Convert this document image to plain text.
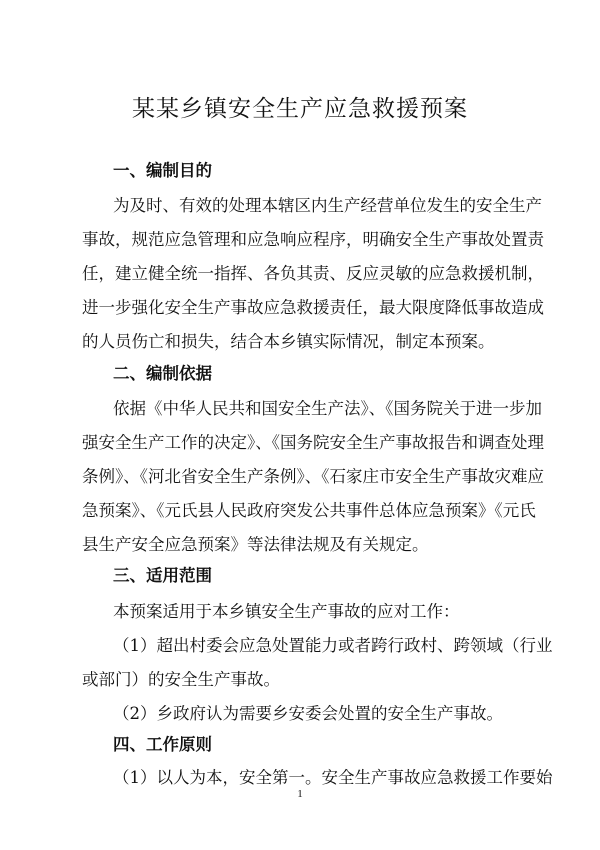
某某乡镇安全生产应急救援预案
一、编制目的
为及时、有效的处理本辖区内生产经营单位发生的安全生产
事故，规范应急管理和应急响应程序，明确安全生产事故处置责
任，建立健全统一指挥、各负其责、反应灵敏的应急救援机制，
进一步强化安全生产事故应急救援责任，最大限度降低事故造成
的人员伤亡和损失，结合本乡镇实际情况，制定本预案。
二、编制依据
依据《中华人民共和国安全生产法》、《国务院关于进一步加
强安全生产工作的决定》、《国务院安全生产事故报告和调查处理
条例》、《河北省安全生产条例》、《石家庄市安全生产事故灾难应
急预案》、《元氏县人民政府突发公共事件总体应急预案》《元氏
县生产安全应急预案》等法律法规及有关规定。
三、适用范围
本预案适用于本乡镇安全生产事故的应对工作：
（1）超出村委会应急处置能力或者跨行政村、跨领域（行业
或部门）的安全生产事故。
（2）乡政府认为需要乡安委会处置的安全生产事故。
四、工作原则
（1）以人为本，安全第一。安全生产事故应急救援工作要始
1
